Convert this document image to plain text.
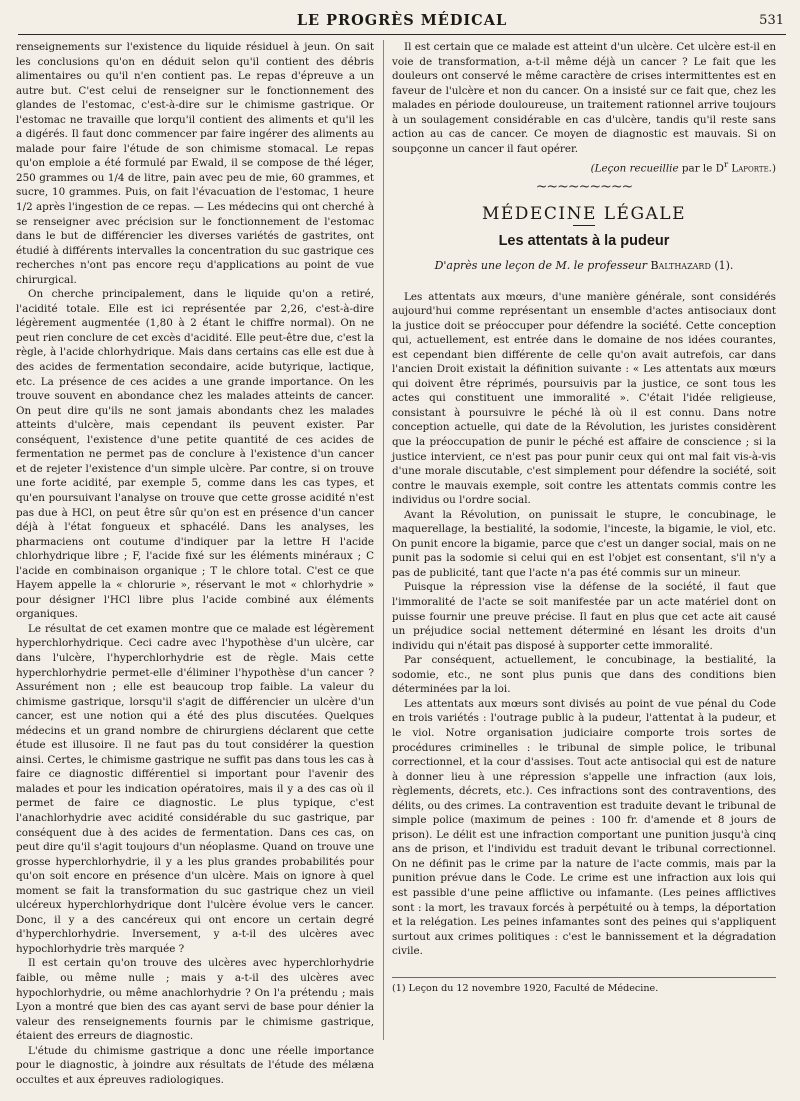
LE PROGRÈS MÉDICAL	531

renseignements sur l'existence du liquide résiduel à jeun. On sait les conclusions qu'on en déduit selon qu'il contient des débris alimentaires ou qu'il n'en contient pas. Le repas d'épreuve a un autre but. C'est celui de renseigner sur le fonctionnement des glandes de l'estomac, c'est-à-dire sur le chimisme gastrique. Or l'estomac ne travaille que lorqu'il contient des aliments et qu'il les a digérés. Il faut donc commencer par faire ingérer des aliments au malade pour faire l'étude de son chimisme stomacal. Le repas qu'on emploie a été formulé par Ewald, il se compose de thé léger, 250 grammes ou 1/4 de litre, pain avec peu de mie, 60 grammes, et sucre, 10 grammes. Puis, on fait l'évacuation de l'estomac, 1 heure 1/2 après l'ingestion de ce repas. — Les médecins qui ont cherché à se renseigner avec précision sur le fonctionnement de l'estomac dans le but de différencier les diverses variétés de gastrites, ont étudié à différents intervalles la concentration du suc gastrique ces recherches n'ont pas encore reçu d'applications au point de vue chirurgical.

On cherche principalement, dans le liquide qu'on a retiré, l'acidité totale. Elle est ici représentée par 2,26, c'est-à-dire légèrement augmentée (1,80 à 2 étant le chiffre normal). On ne peut rien conclure de cet excès d'acidité. Elle peut-être due, c'est la règle, à l'acide chlorhydrique. Mais dans certains cas elle est due à des acides de fermentation secondaire, acide butyrique, lactique, etc. La présence de ces acides a une grande importance. On les trouve souvent en abondance chez les malades atteints de cancer. On peut dire qu'ils ne sont jamais abondants chez les malades atteints d'ulcère, mais cependant ils peuvent exister. Par conséquent, l'existence d'une petite quantité de ces acides de fermentation ne permet pas de conclure à l'existence d'un cancer et de rejeter l'existence d'un simple ulcère. Par contre, si on trouve une forte acidité, par exemple 5, comme dans les cas types, et qu'en poursuivant l'analyse on trouve que cette grosse acidité n'est pas due à HCl, on peut être sûr qu'on est en présence d'un cancer déjà à l'état fongueux et sphacélé. Dans les analyses, les pharmaciens ont coutume d'indiquer par la lettre H l'acide chlorhydrique libre ; F, l'acide fixé sur les éléments minéraux ; C l'acide en combinaison organique ; T le chlore total. C'est ce que Hayem appelle la « chlorurie », réservant le mot « chlorhydrie » pour désigner l'HCl libre plus l'acide combiné aux éléments organiques.

Le résultat de cet examen montre que ce malade est légèrement hyperchlorhydrique. Ceci cadre avec l'hypothèse d'un ulcère, car dans l'ulcère, l'hyperchlorhydrie est de règle. Mais cette hyperchlorhydrie permet-elle d'éliminer l'hypothèse d'un cancer ? Assurément non ; elle est beaucoup trop faible. La valeur du chimisme gastrique, lorsqu'il s'agit de différencier un ulcère d'un cancer, est une notion qui a été des plus discutées. Quelques médecins et un grand nombre de chirurgiens déclarent que cette étude est illusoire. Il ne faut pas du tout considérer la question ainsi. Certes, le chimisme gastrique ne suffit pas dans tous les cas à faire ce diagnostic différentiel si important pour l'avenir des malades et pour les indication opératoires, mais il y a des cas où il permet de faire ce diagnostic. Le plus typique, c'est l'anachlorhydrie avec acidité considérable du suc gastrique, par conséquent due à des acides de fermentation. Dans ces cas, on peut dire qu'il s'agit toujours d'un néoplasme. Quand on trouve une grosse hyperchlorhydrie, il y a les plus grandes probabilités pour qu'on soit encore en présence d'un ulcère. Mais on ignore à quel moment se fait la transformation du suc gastrique chez un vieil ulcéreux hyperchlorhydrique dont l'ulcère évolue vers le cancer. Donc, il y a des cancéreux qui ont encore un certain degré d'hyperchlorhydrie. Inversement, y a-t-il des ulcères avec hypochlorhydrie très marquée ?

Il est certain qu'on trouve des ulcères avec hyperchlorhydrie faible, ou même nulle ; mais y a-t-il des ulcères avec hypochlorhydrie, ou même anachlorhydrie ? On l'a prétendu ; mais Lyon a montré que bien des cas ayant servi de base pour dénier la valeur des renseignements fournis par le chimisme gastrique, étaient des erreurs de diagnostic.

L'étude du chimisme gastrique a donc une réelle importance pour le diagnostic, à joindre aux résultats de l'étude des mélæna occultes et aux épreuves radiologiques.

Il est certain que ce malade est atteint d'un ulcère. Cet ulcère est-il en voie de transformation, a-t-il même déjà un cancer ? Le fait que les douleurs ont conservé le même caractère de crises intermittentes est en faveur de l'ulcère et non du cancer. On a insisté sur ce fait que, chez les malades en période douloureuse, un traitement rationnel arrive toujours à un soulagement considérable en cas d'ulcère, tandis qu'il reste sans action au cas de cancer. Ce moyen de diagnostic est mauvais. Si on soupçonne un cancer il faut opérer.

(Leçon recueillie par le $D^r$ Laporte.)

~~~~~~~~~
MÉDECINE LÉGALE
Les attentats à la pudeur
D'après une leçon de M. le professeur Balthazard (1).

Les attentats aux mœurs, d'une manière générale, sont considérés aujourd'hui comme représentant un ensemble d'actes antisociaux dont la justice doit se préoccuper pour défendre la société. Cette conception qui, actuellement, est entrée dans le domaine de nos idées courantes, est cependant bien différente de celle qu'on avait autrefois, car dans l'ancien Droit existait la définition suivante : « Les attentats aux mœurs qui doivent être réprimés, poursuivis par la justice, ce sont tous les actes qui constituent une immoralité ». C'était l'idée religieuse, consistant à poursuivre le péché là où il est connu. Dans notre conception actuelle, qui date de la Révolution, les juristes considèrent que la préoccupation de punir le péché est affaire de conscience ; si la justice intervient, ce n'est pas pour punir ceux qui ont mal fait vis-à-vis d'une morale discutable, c'est simplement pour défendre la société, soit contre le mauvais exemple, soit contre les attentats commis contre les individus ou l'ordre social.

Avant la Révolution, on punissait le stupre, le concubinage, le maquerellage, la bestialité, la sodomie, l'inceste, la bigamie, le viol, etc. On punit encore la bigamie, parce que c'est un danger social, mais on ne punit pas la sodomie si celui qui en est l'objet est consentant, s'il n'y a pas de publicité, tant que l'acte n'a pas été commis sur un mineur.

Puisque la répression vise la défense de la société, il faut que l'immoralité de l'acte se soit manifestée par un acte matériel dont on puisse fournir une preuve précise. Il faut en plus que cet acte ait causé un préjudice social nettement déterminé en lésant les droits d'un individu qui n'était pas disposé à supporter cette immoralité.

Par conséquent, actuellement, le concubinage, la bestialité, la sodomie, etc., ne sont plus punis que dans des conditions bien déterminées par la loi.

Les attentats aux mœurs sont divisés au point de vue pénal du Code en trois variétés : l'outrage public à la pudeur, l'attentat à la pudeur, et le viol. Notre organisation judiciaire comporte trois sortes de procédures criminelles : le tribunal de simple police, le tribunal correctionnel, et la cour d'assises. Tout acte antisocial qui est de nature à donner lieu à une répression s'appelle une infraction (aux lois, règlements, décrets, etc.). Ces infractions sont des contraventions, des délits, ou des crimes. La contravention est traduite devant le tribunal de simple police (maximum de peines : 100 fr. d'amende et 8 jours de prison). Le délit est une infraction comportant une punition jusqu'à cinq ans de prison, et l'individu est traduit devant le tribunal correctionnel. On ne définit pas le crime par la nature de l'acte commis, mais par la punition prévue dans le Code. Le crime est une infraction aux lois qui est passible d'une peine afflictive ou infamante. (Les peines afflictives sont : la mort, les travaux forcés à perpétuité ou à temps, la déportation et la relégation. Les peines infamantes sont des peines qui s'appliquent surtout aux crimes politiques : c'est le bannissement et la dégradation civile.

(1) Leçon du 12 novembre 1920, Faculté de Médecine.
